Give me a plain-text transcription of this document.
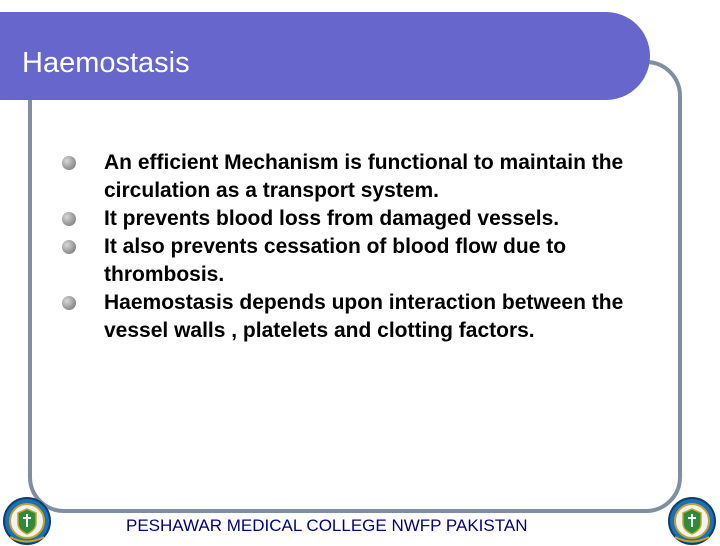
Haemostasis
An efficient Mechanism is functional to maintain the circulation as a transport system.
It prevents blood loss from damaged vessels.
It also prevents cessation of blood flow due to thrombosis.
Haemostasis depends upon interaction between the vessel walls , platelets and clotting factors.
PESHAWAR MEDICAL COLLEGE NWFP PAKISTAN
